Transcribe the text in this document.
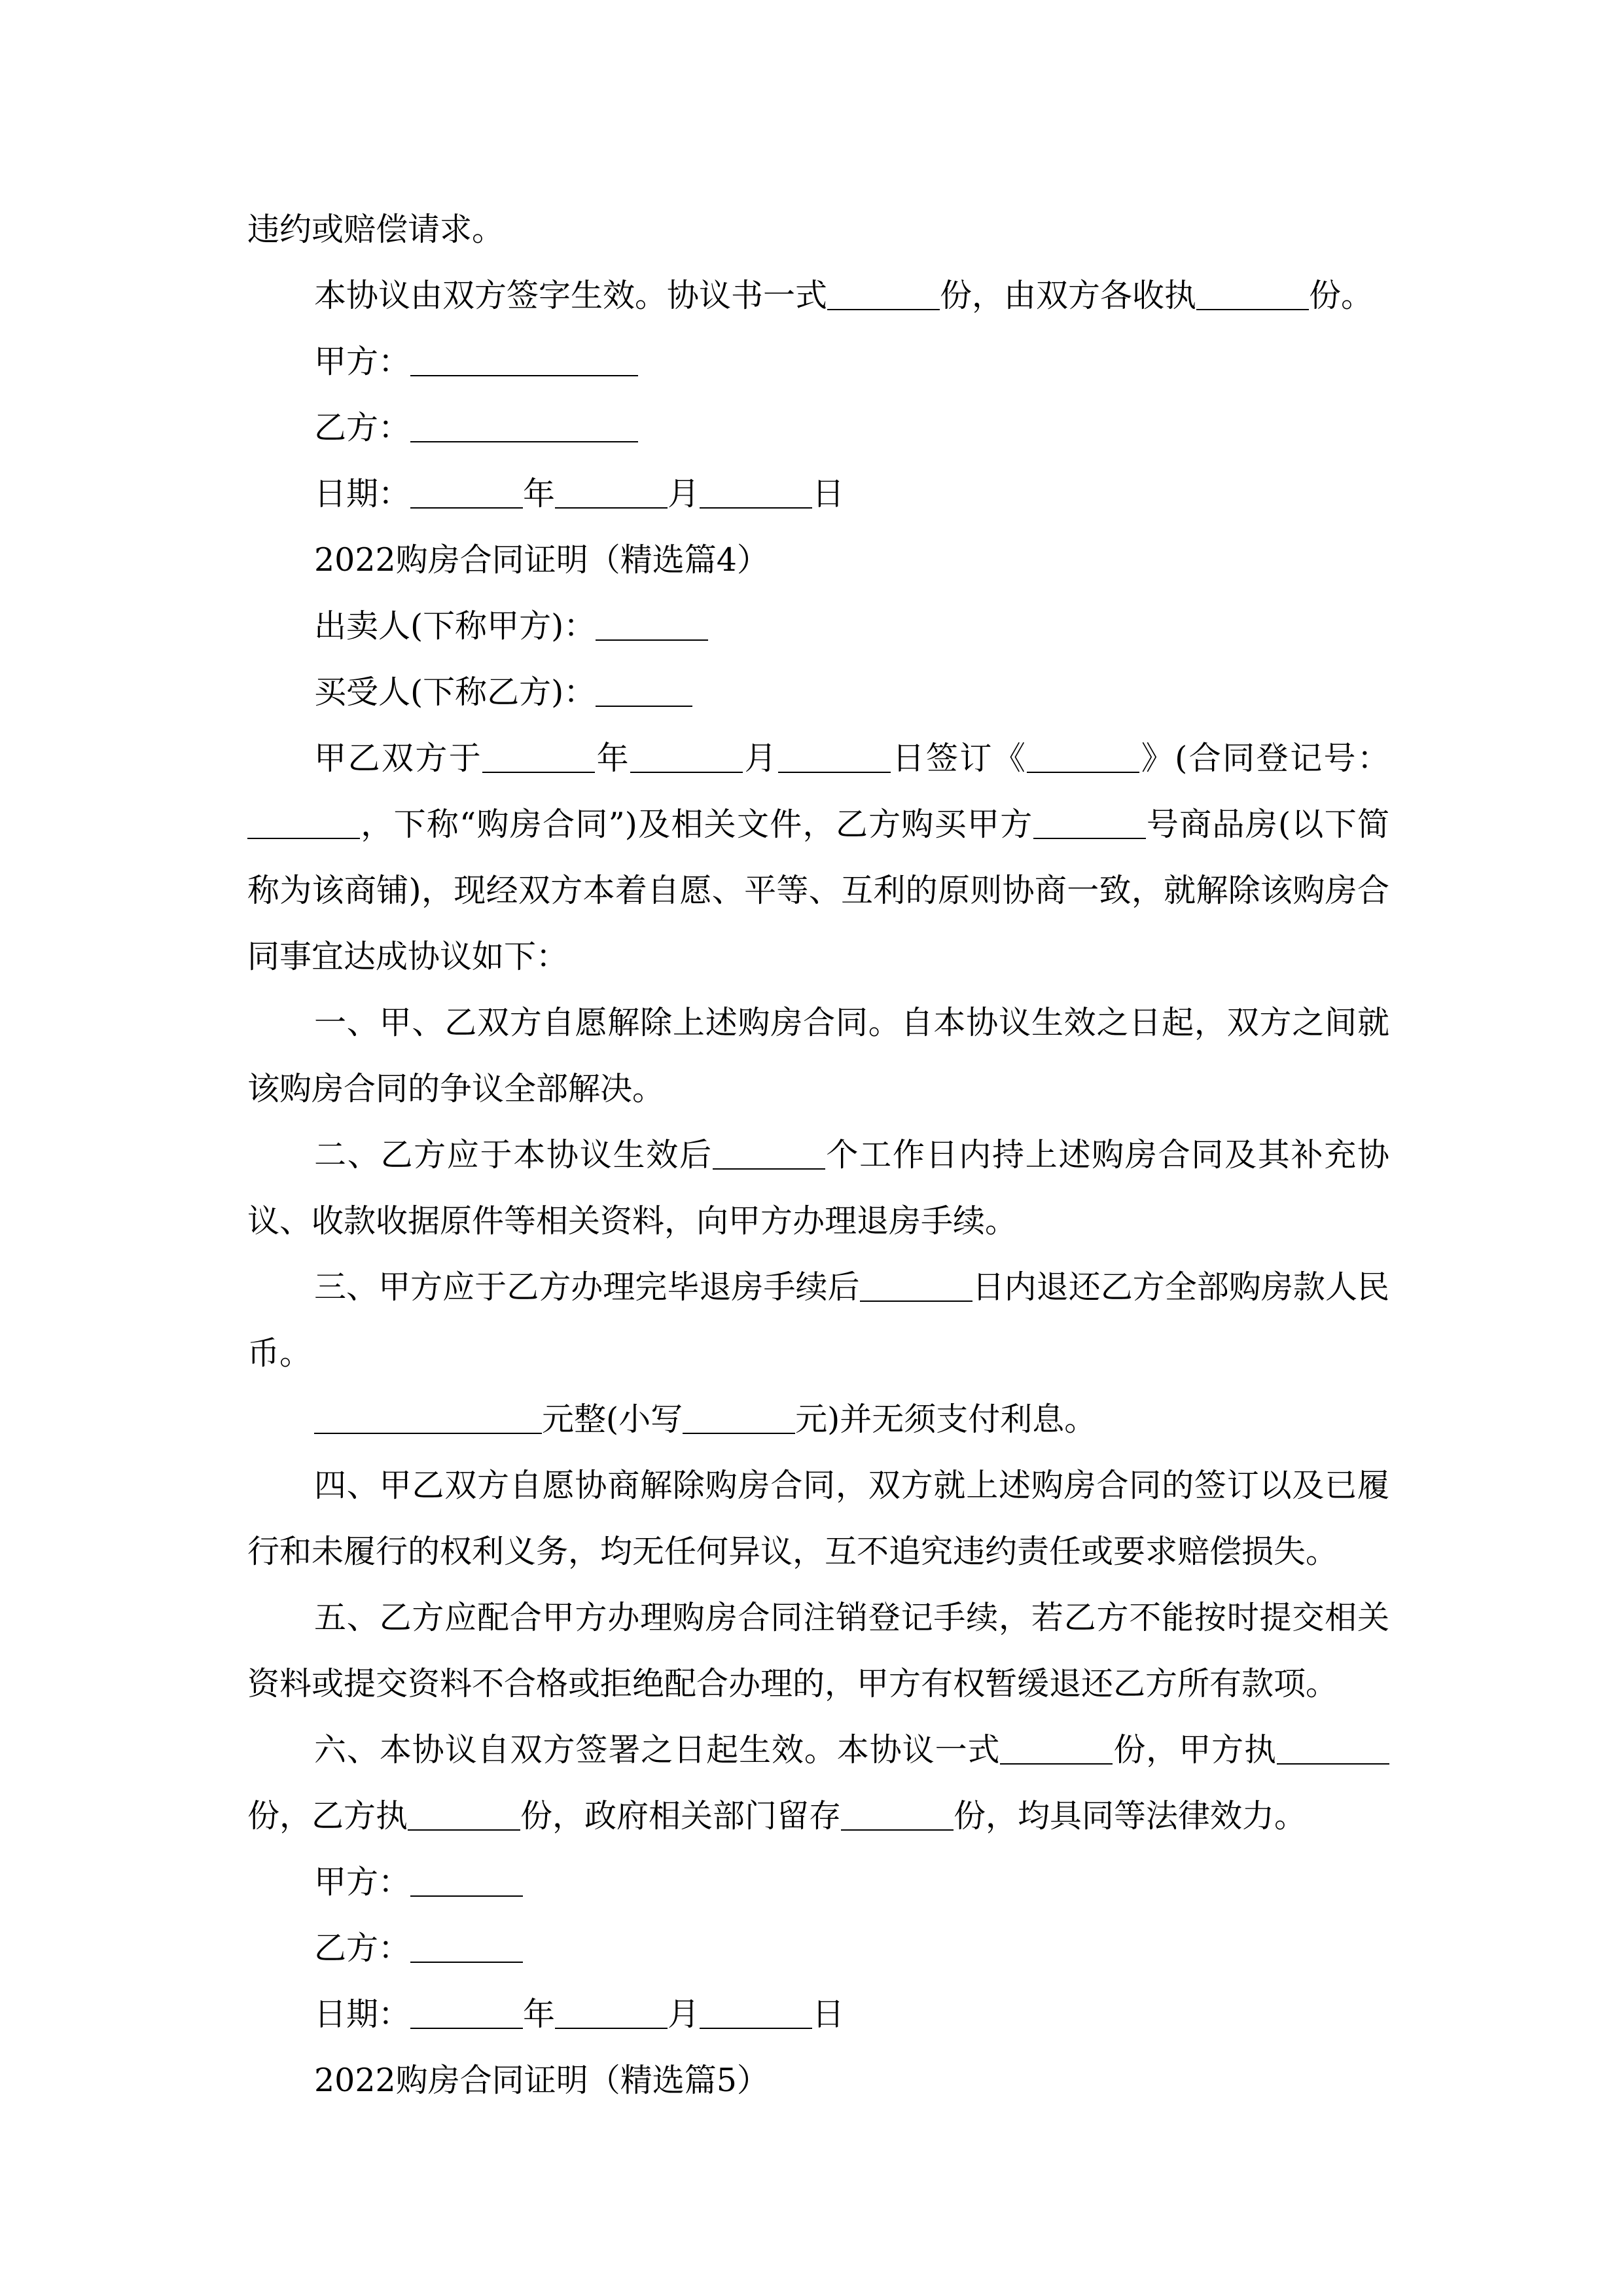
违约或赔偿请求。

本协议由双方签字生效。协议书一式	份，由双方各收执	份。

甲方：

乙方：

日期：	年	月	日

2022购房合同证明（精选篇4）

出卖人(下称甲方)：

买受人(下称乙方)：

甲乙双方于	年	月	日签订《	》(合同登记号：，下称“购房合同”)及相关文件，乙方购买甲方	号商品房(以下简称为该商铺)，现经双方本着自愿、平等、互利的原则协商一致，就解除该购房合同事宜达成协议如下：

一、甲、乙双方自愿解除上述购房合同。自本协议生效之日起，双方之间就该购房合同的争议全部解决。

二、乙方应于本协议生效后	个工作日内持上述购房合同及其补充协议、收款收据原件等相关资料，向甲方办理退房手续。

三、甲方应于乙方办理完毕退房手续后	日内退还乙方全部购房款人民币。

元整(小写	元)并无须支付利息。

四、甲乙双方自愿协商解除购房合同，双方就上述购房合同的签订以及已履行和未履行的权利义务，均无任何异议，互不追究违约责任或要求赔偿损失。

五、乙方应配合甲方办理购房合同注销登记手续，若乙方不能按时提交相关资料或提交资料不合格或拒绝配合办理的，甲方有权暂缓退还乙方所有款项。

六、本协议自双方签署之日起生效。本协议一式	份，甲方执份，乙方执	份，政府相关部门留存	份，均具同等法律效力。

甲方：

乙方：

日期：	年	月	日

2022购房合同证明（精选篇5）
